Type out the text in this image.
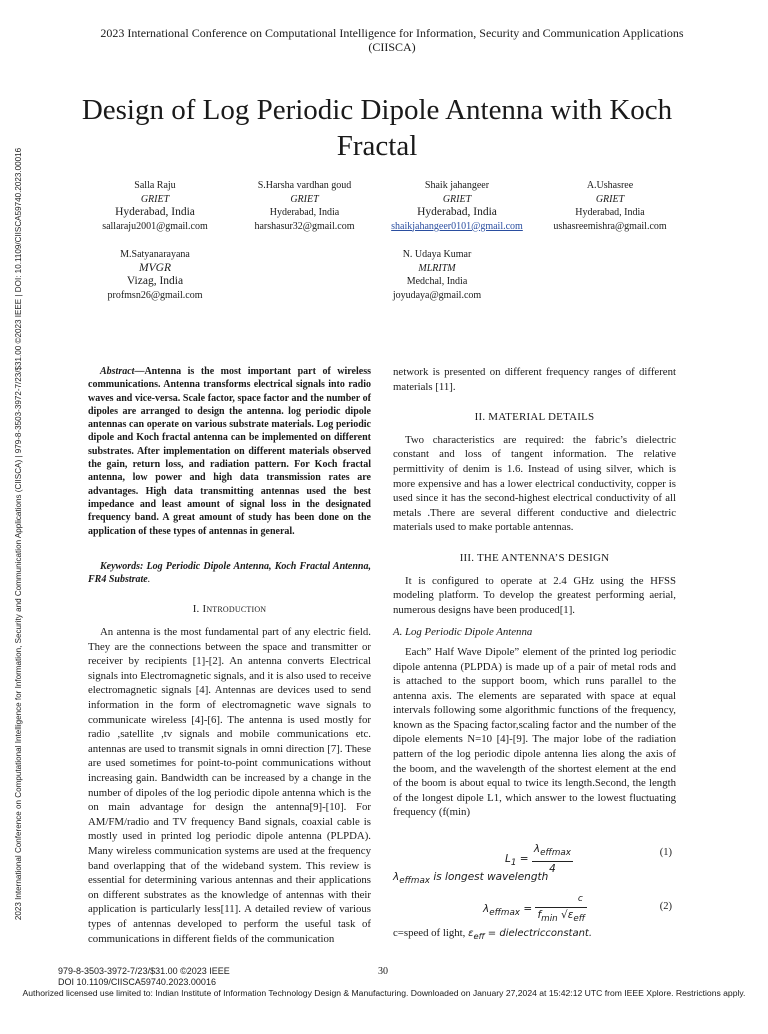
2023 International Conference on Computational Intelligence for Information, Security and Communication Applications (CIISCA) | 979-8-3503-3972-7/23/$31.00 ©2023 IEEE | DOI: 10.1109/CIISCA59740.2023.00016
2023 International Conference on Computational Intelligence for Information, Security and Communication Applications
(CIISCA)
Design of Log Periodic Dipole Antenna with Koch
Fractal
Salla Raju
GRIET
Hyderabad, India
sallaraju2001@gmail.com
S.Harsha vardhan goud
GRIET
Hyderabad, India
harshasur32@gmail.com
Shaik jahangeer
GRIET
Hyderabad, India
shaikjahangeer0101@gmail.com
A.Ushasree
GRIET
Hyderabad, India
ushasreemishra@gmail.com
M.Satyanarayana
MVGR
Vizag, India
profmsn26@gmail.com
N. Udaya Kumar
MLRITM
Medchal, India
joyudaya@gmail.com

Abstract—Antenna is the most important part of wireless communications. Antenna transforms electrical signals into radio waves and vice-versa. Scale factor, space factor and the number of dipoles are arranged to design the antenna. log periodic dipole antennas can operate on various substrate materials. Log periodic dipole and Koch fractal antenna can be implemented on different substrates. After implementation on different materials observed the gain, return loss, and radiation pattern. For Koch fractal antenna, low power and high data transmission rates are advantages. High data transmitting antennas used the best impedance and least amount of signal loss in the designated frequency band. A great amount of study has been done on the application of these types of antennas in general.

Keywords: Log Periodic Dipole Antenna, Koch Fractal Antenna, FR4 Substrate.

I. Introduction

An antenna is the most fundamental part of any electric field. They are the connections between the space and transmitter or receiver by recipients [1]-[2]. An antenna converts Electrical signals into Electromagnetic signals, and it is also used to receive electromagnetic signals [4]. Antennas are devices used to send information in the form of electromagnetic wave signals to communicate wireless [4]-[6]. The antenna is used mostly for radio ,satellite ,tv signals and mobile communications etc. antennas are used to transmit signals in omni direction [7]. These are used sometimes for point-to-point communications without increasing gain. Bandwidth can be increased by a change in the number of dipoles of the log periodic dipole antenna which is the on main advantage for design the antenna[9]-[10]. For AM/FM/radio and TV frequency Band signals, coaxial cable is mostly used in printed log periodic dipole antenna (PLPDA). Many wireless communication systems are used at the frequency band overlapping that of the wideband system. This review is essential for determining various antennas and their applications on different substrates as the knowledge of antennas with their application is particularly less[11]. A detailed review of various types of antennas developed to perform the useful task of communications in different fields of the communication

network is presented on different frequency ranges of different materials [11].

II. MATERIAL DETAILS

Two characteristics are required: the fabric’s dielectric constant and loss of tangent information. The relative permittivity of denim is 1.6. Instead of using silver, which is more expensive and has a lower electrical conductivity, copper is used since it has the second-highest electrical conductivity of all metals .There are several different conductive and dielectric materials used to make portable antennas.

III. THE ANTENNA’S DESIGN

It is configured to operate at 2.4 GHz using the HFSS modeling platform. To develop the greatest performing aerial, numerous designs have been produced[1].

A. Log Periodic Dipole Antenna

Each” Half Wave Dipole” element of the printed log periodic dipole antenna (PLPDA) is made up of a pair of metal rods and is attached to the support boom, which runs parallel to the antenna axis. The elements are separated with space at equal intervals following some algorithmic functions of the frequency, known as the Spacing factor,scaling factor and the number of the dipole elements N=10 [4]-[9]. The major lobe of the radiation pattern of the log periodic dipole antenna lies along the axis of the boom, and the wavelength of the shortest element at the end of the boom is about equal to twice its length.Second, the length of the longest dipole L1, which answer to the lowest fluctuating frequency (f(min)

$L_1 = \frac{\lambda_{effmax}}{4}$	(1)
$\lambda_{effmax}$ is longest wavelength
$\lambda_{effmax} = \frac{c}{f_{min} √\varepsilon_{eff}}$	(2)

c=speed of light, $\varepsilon_{eff}$ = dielectricconstant.

979-8-3503-3972-7/23/$31.00 ©2023 IEEE
DOI 10.1109/CIISCA59740.2023.00016
30
Authorized licensed use limited to: Indian Institute of Information Technology Design & Manufacturing. Downloaded on January 27,2024 at 15:42:12 UTC from IEEE Xplore. Restrictions apply.
